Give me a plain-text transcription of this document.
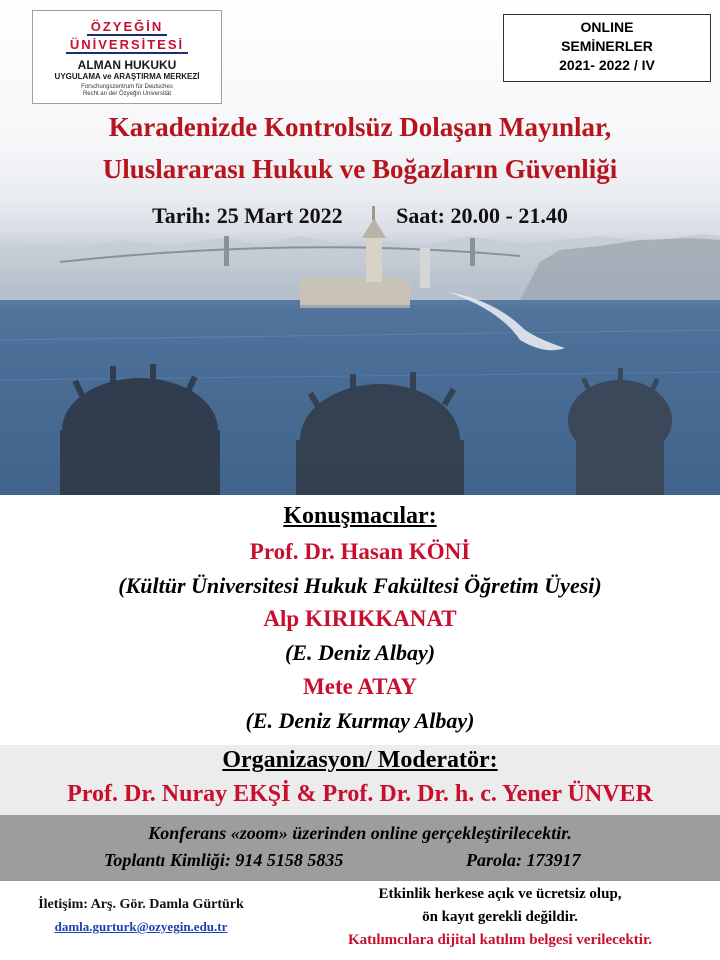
ÖZYEĞİN
ÜNİVERSİTESİ
ALMAN HUKUKU
UYGULAMA ve ARAŞTIRMA MERKEZİ
Forschungszentrum für Deutsches
Recht an der Özyeğin Universität
ONLINE
SEMİNERLER
2021- 2022 / IV
Karadenizde Kontrolsüz Dolaşan Mayınlar,
Uluslararası Hukuk ve Boğazların Güvenliği
Tarih: 25 Mart 2022 Saat: 20.00 - 21.40
Konuşmacılar:
Prof. Dr. Hasan KÖNİ
(Kültür Üniversitesi Hukuk Fakültesi Öğretim Üyesi)
Alp KIRIKKANAT
(E. Deniz Albay)
Mete ATAY
(E. Deniz Kurmay Albay)
Organizasyon/ Moderatör:
Prof. Dr. Nuray EKŞİ & Prof. Dr. Dr. h. c. Yener ÜNVER
Konferans «zoom» üzerinden online gerçekleştirilecektir.
Toplantı Kimliği: 914 5158 5835	Parola: 173917
İletişim: Arş. Gör. Damla Gürtürk
damla.gurturk@ozyegin.edu.tr
Etkinlik herkese açık ve ücretsiz olup,
ön kayıt gerekli değildir.
Katılımcılara dijital katılım belgesi verilecektir.
